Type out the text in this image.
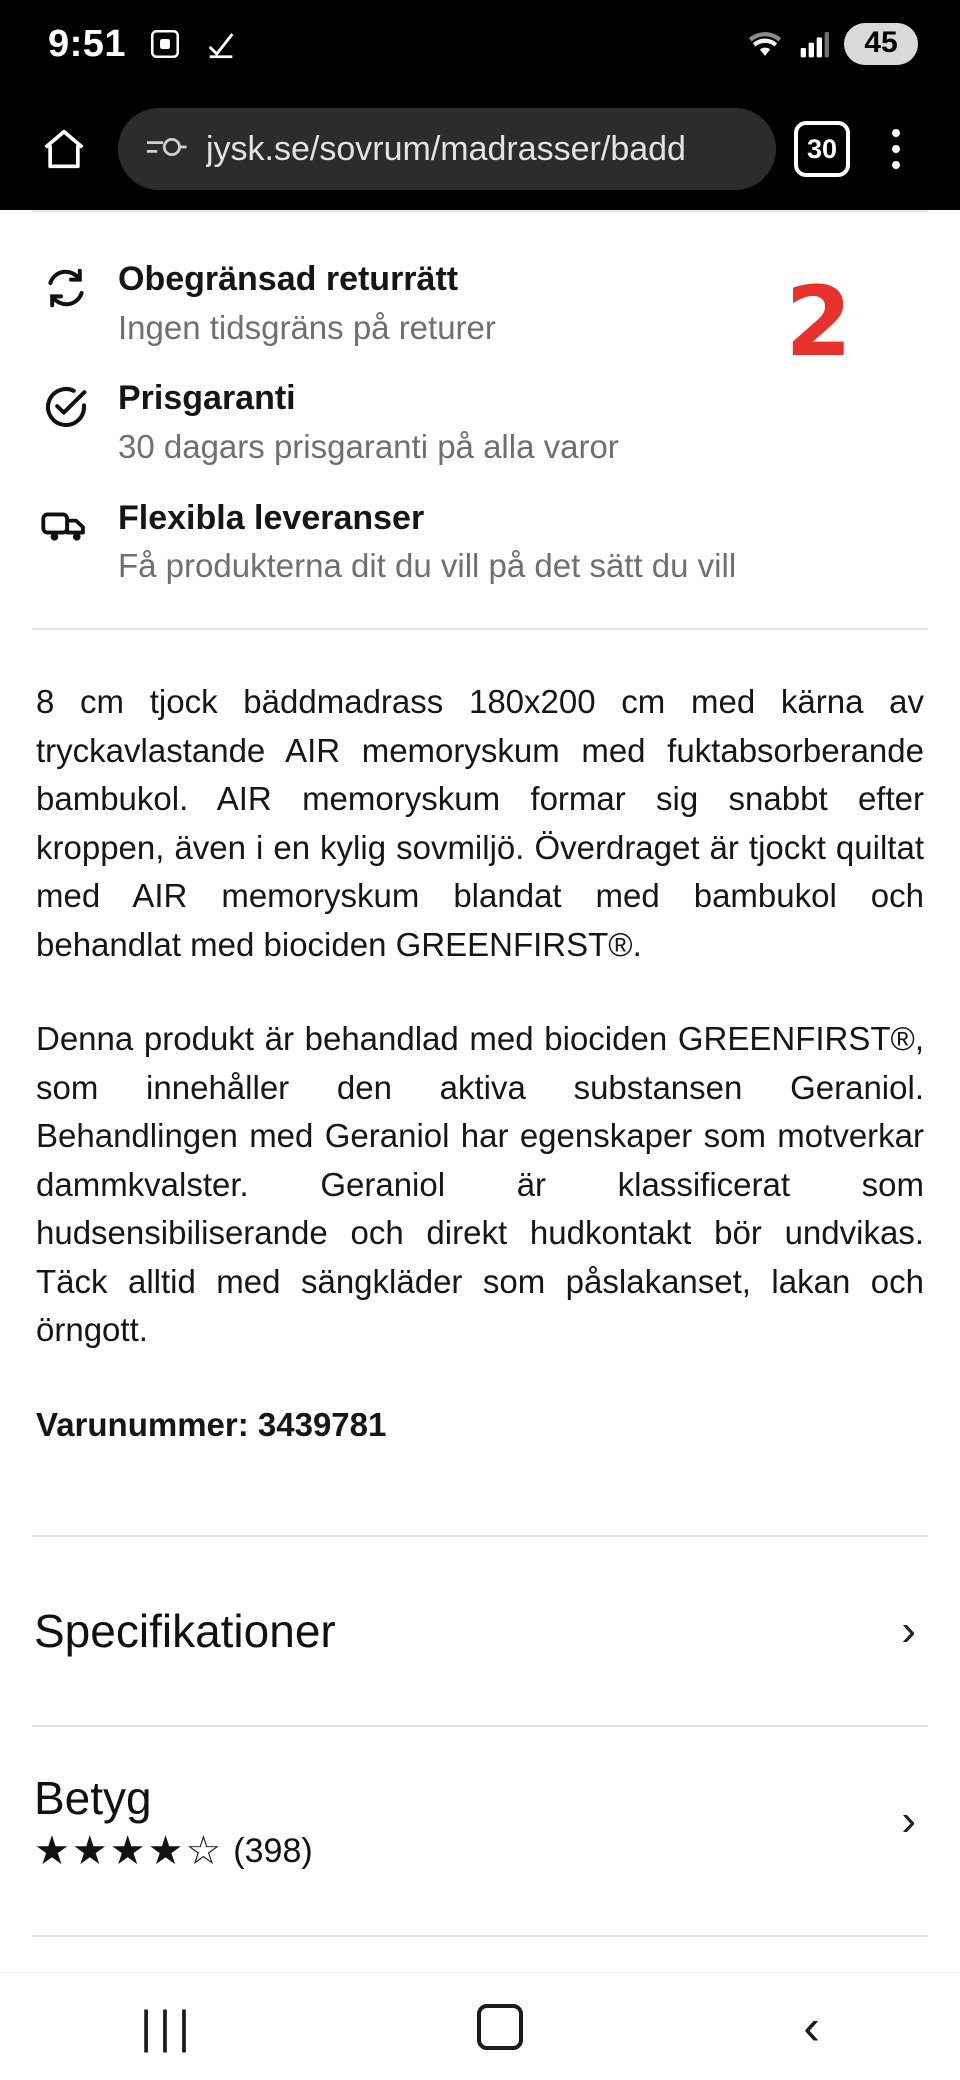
9:51	45
jysk.se/sovrum/madrasser/badd	30
2
Obegränsad returrätt
Ingen tidsgräns på returer
Prisgaranti
30 dagars prisgaranti på alla varor
Flexibla leveranser
Få produkterna dit du vill på det sätt du vill

8 cm tjock bäddmadrass 180x200 cm med kärna av tryckavlastande AIR memoryskum med fuktabsorberande bambukol. AIR memoryskum formar sig snabbt efter kroppen, även i en kylig sovmiljö. Överdraget är tjockt quiltat med AIR memoryskum blandat med bambukol och behandlat med biociden GREENFIRST®.

Denna produkt är behandlad med biociden GREENFIRST®, som innehåller den aktiva substansen Geraniol. Behandlingen med Geraniol har egenskaper som motverkar dammkvalster. Geraniol är klassificerat som hudsensibiliserande och direkt hudkontakt bör undvikas. Täck alltid med sängkläder som påslakanset, lakan och örngott.

Varunummer: 3439781

Specifikationer	›
Betyg
★★★★☆ (398)
›
|||	‹
